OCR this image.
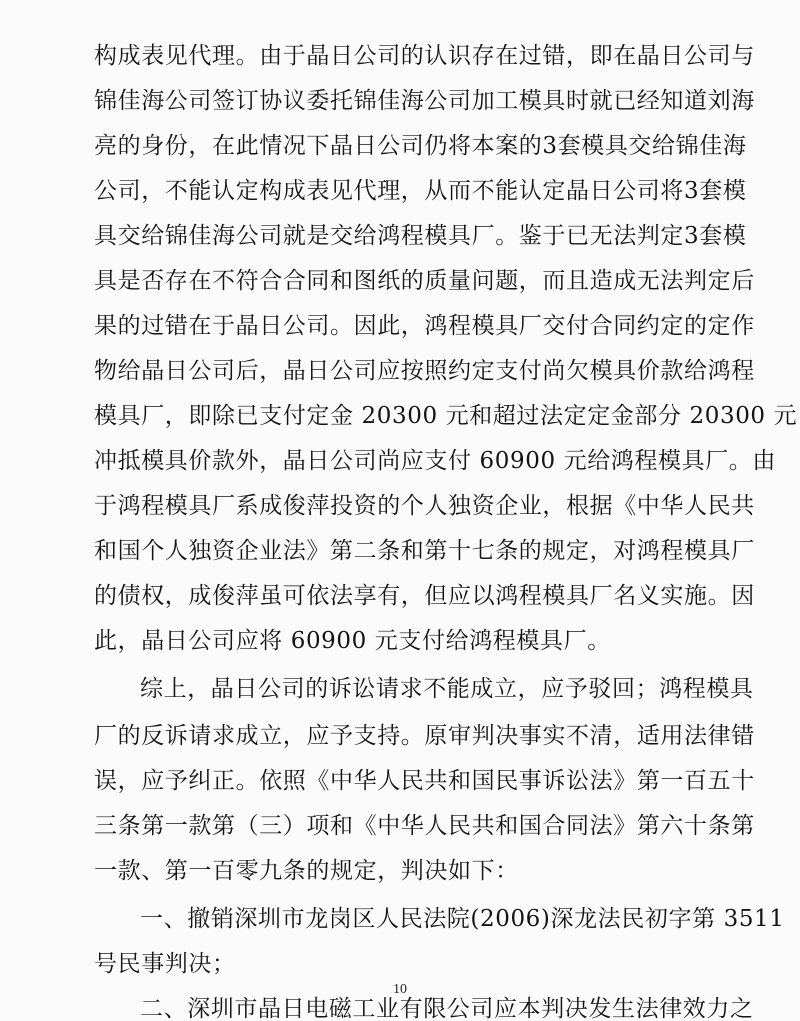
构成表见代理。由于晶日公司的认识存在过错，即在晶日公司与
锦佳海公司签订协议委托锦佳海公司加工模具时就已经知道刘海
亮的身份，在此情况下晶日公司仍将本案的3套模具交给锦佳海
公司，不能认定构成表见代理，从而不能认定晶日公司将3套模
具交给锦佳海公司就是交给鸿程模具厂。鉴于已无法判定3套模
具是否存在不符合合同和图纸的质量问题，而且造成无法判定后
果的过错在于晶日公司。因此，鸿程模具厂交付合同约定的定作
物给晶日公司后，晶日公司应按照约定支付尚欠模具价款给鸿程
模具厂，即除已支付定金 20300 元和超过法定定金部分 20300 元
冲抵模具价款外，晶日公司尚应支付 60900 元给鸿程模具厂。由
于鸿程模具厂系成俊萍投资的个人独资企业，根据《中华人民共
和国个人独资企业法》第二条和第十七条的规定，对鸿程模具厂
的债权，成俊萍虽可依法享有，但应以鸿程模具厂名义实施。因
此，晶日公司应将 60900 元支付给鸿程模具厂。
综上，晶日公司的诉讼请求不能成立，应予驳回；鸿程模具
厂的反诉请求成立，应予支持。原审判决事实不清，适用法律错
误，应予纠正。依照《中华人民共和国民事诉讼法》第一百五十
三条第一款第（三）项和《中华人民共和国合同法》第六十条第
一款、第一百零九条的规定，判决如下：
一、撤销深圳市龙岗区人民法院(2006)深龙法民初字第 3511
号民事判决；
二、深圳市晶日电磁工业有限公司应本判决发生法律效力之
10
